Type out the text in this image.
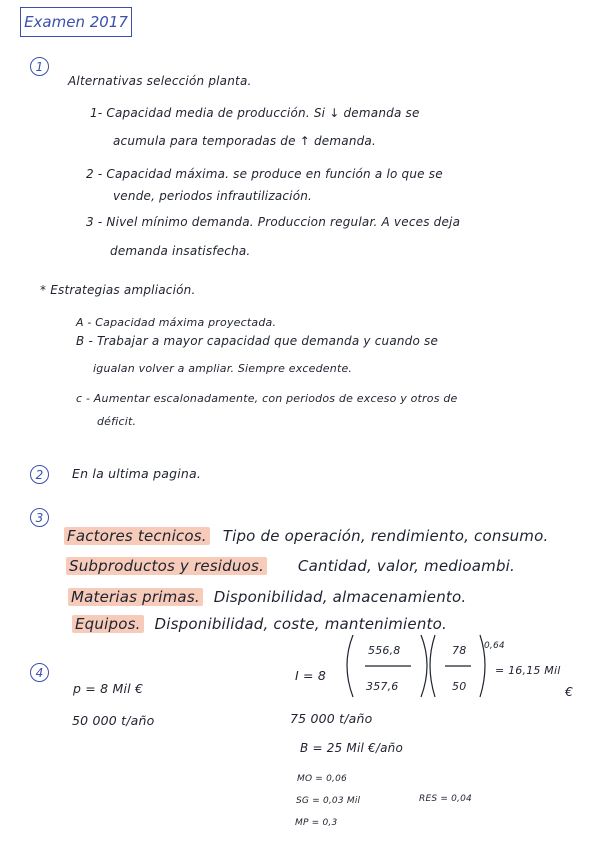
Examen 2017
1
Alternativas selección planta.
1- Capacidad media de producción. Si ↓ demanda se
acumula para temporadas de ↑ demanda.
2 - Capacidad máxima. se produce en función a lo que se
vende, periodos infrautilización.
3 - Nivel mínimo demanda. Produccion regular. A veces deja
demanda insatisfecha.
* Estrategias ampliación.
A - Capacidad máxima proyectada.
B - Trabajar a mayor capacidad que demanda y cuando se
igualan volver a ampliar. Siempre excedente.
c - Aumentar escalonadamente, con periodos de exceso y otros de
déficit.
2	En la ultima pagina.
3
Factores tecnicos. Tipo de operación, rendimiento, consumo.
Subproductos y residuos. Cantidad, valor, medioambi.
Materias primas. Disponibilidad, almacenamiento.
Equipos. Disponibilidad, coste, mantenimiento.
4
p = 8 Mil €
50 000 t/año
I = 8
556,8
357,6
78
50
0,64
= 16,15 Mil
€
75 000 t/año
B = 25 Mil €/año
MO = 0,06
SG = 0,03 Mil	RES = 0,04
MP = 0,3
